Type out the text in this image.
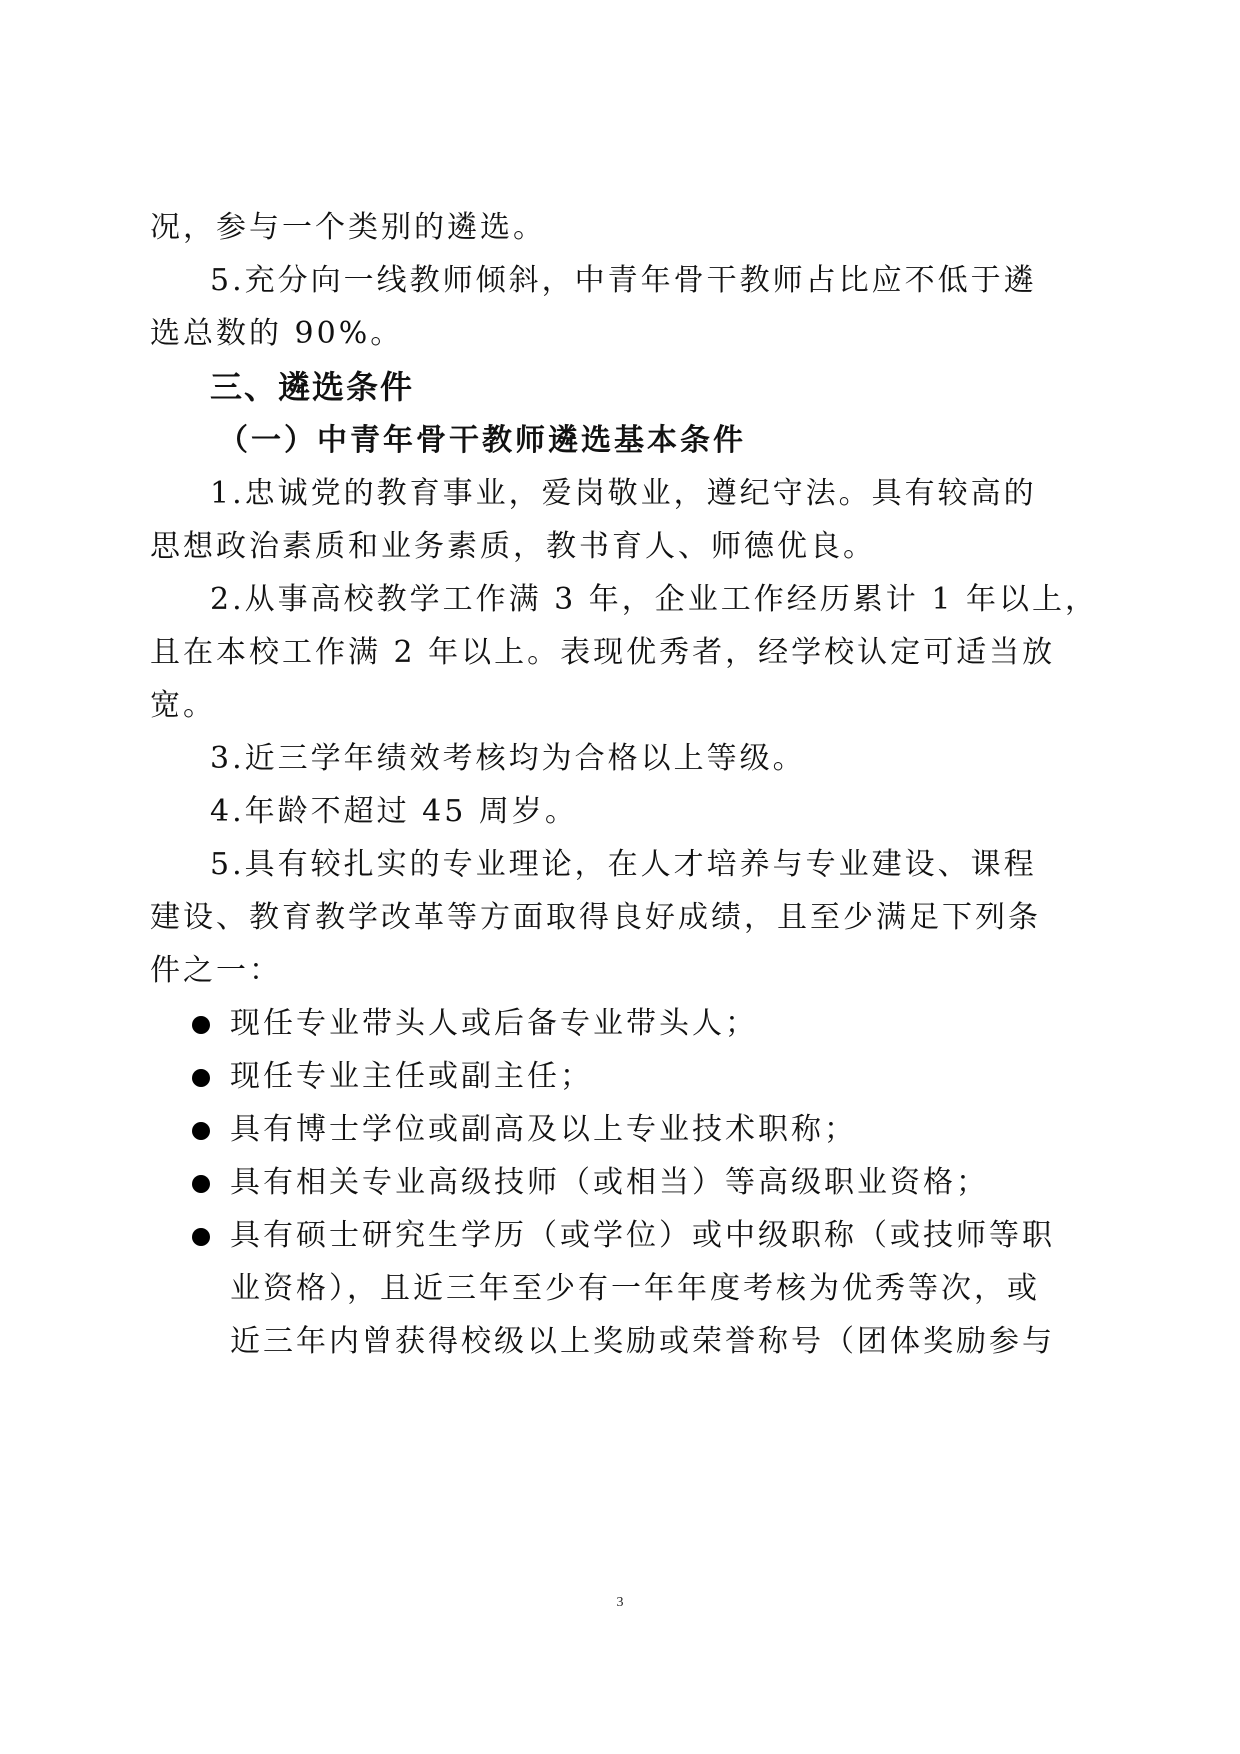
况，参与一个类别的遴选。
5.充分向一线教师倾斜，中青年骨干教师占比应不低于遴
选总数的 90%。
三、遴选条件
（一）中青年骨干教师遴选基本条件
1.忠诚党的教育事业，爱岗敬业，遵纪守法。具有较高的
思想政治素质和业务素质，教书育人、师德优良。
2.从事高校教学工作满 3 年，企业工作经历累计 1 年以上，
且在本校工作满 2 年以上。表现优秀者，经学校认定可适当放
宽。
3.近三学年绩效考核均为合格以上等级。
4.年龄不超过 45 周岁。
5.具有较扎实的专业理论，在人才培养与专业建设、课程
建设、教育教学改革等方面取得良好成绩，且至少满足下列条
件之一：
现任专业带头人或后备专业带头人；
现任专业主任或副主任；
具有博士学位或副高及以上专业技术职称；
具有相关专业高级技师（或相当）等高级职业资格；
具有硕士研究生学历（或学位）或中级职称（或技师等职
业资格），且近三年至少有一年年度考核为优秀等次，或
近三年内曾获得校级以上奖励或荣誉称号（团体奖励参与
3
